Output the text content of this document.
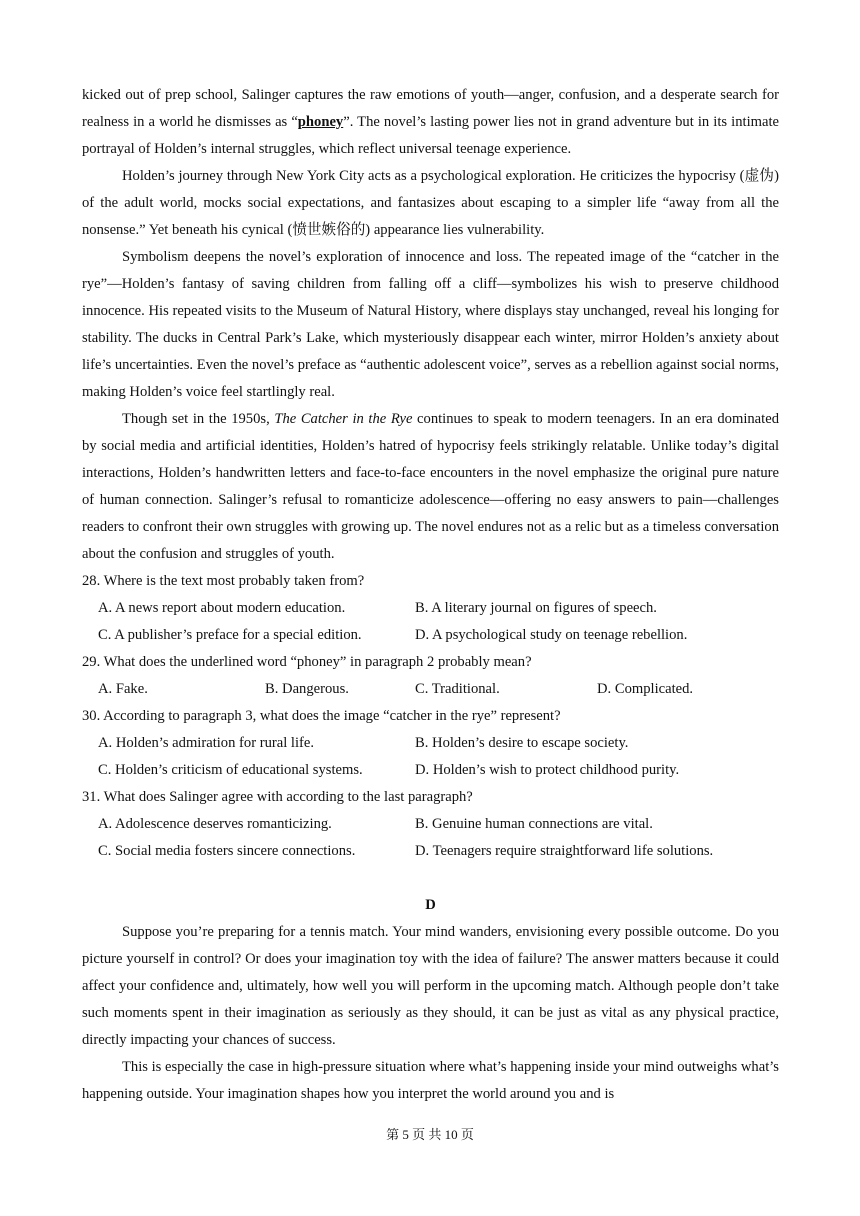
kicked out of prep school, Salinger captures the raw emotions of youth—anger, confusion, and a desperate search for realness in a world he dismisses as “phoney”. The novel’s lasting power lies not in grand adventure but in its intimate portrayal of Holden’s internal struggles, which reflect universal teenage experience.

Holden’s journey through New York City acts as a psychological exploration. He criticizes the hypocrisy (虚伪) of the adult world, mocks social expectations, and fantasizes about escaping to a simpler life “away from all the nonsense.” Yet beneath his cynical (愤世嫉俗的) appearance lies vulnerability.

Symbolism deepens the novel’s exploration of innocence and loss. The repeated image of the “catcher in the rye”—Holden’s fantasy of saving children from falling off a cliff—symbolizes his wish to preserve childhood innocence. His repeated visits to the Museum of Natural History, where displays stay unchanged, reveal his longing for stability. The ducks in Central Park’s Lake, which mysteriously disappear each winter, mirror Holden’s anxiety about life’s uncertainties. Even the novel’s preface as “authentic adolescent voice”, serves as a rebellion against social norms, making Holden’s voice feel startlingly real.

Though set in the 1950s, The Catcher in the Rye continues to speak to modern teenagers. In an era dominated by social media and artificial identities, Holden’s hatred of hypocrisy feels strikingly relatable. Unlike today’s digital interactions, Holden’s handwritten letters and face-to-face encounters in the novel emphasize the original pure nature of human connection. Salinger’s refusal to romanticize adolescence—offering no easy answers to pain—challenges readers to confront their own struggles with growing up. The novel endures not as a relic but as a timeless conversation about the confusion and struggles of youth.

28. Where is the text most probably taken from?

A. A news report about modern education.	B. A literary journal on figures of speech.
C. A publisher’s preface for a special edition.	D. A psychological study on teenage rebellion.

29. What does the underlined word “phoney” in paragraph 2 probably mean?

A. Fake.	B. Dangerous.	C. Traditional.	D. Complicated.

30. According to paragraph 3, what does the image “catcher in the rye” represent?

A. Holden’s admiration for rural life.	B. Holden’s desire to escape society.
C. Holden’s criticism of educational systems.	D. Holden’s wish to protect childhood purity.

31. What does Salinger agree with according to the last paragraph?

A. Adolescence deserves romanticizing.	B. Genuine human connections are vital.
C. Social media fosters sincere connections.	D. Teenagers require straightforward life solutions.

D

Suppose you’re preparing for a tennis match. Your mind wanders, envisioning every possible outcome. Do you picture yourself in control? Or does your imagination toy with the idea of failure? The answer matters because it could affect your confidence and, ultimately, how well you will perform in the upcoming match. Although people don’t take such moments spent in their imagination as seriously as they should, it can be just as vital as any physical practice, directly impacting your chances of success.

This is especially the case in high-pressure situation where what’s happening inside your mind outweighs what’s happening outside. Your imagination shapes how you interpret the world around you and is

第 5 页 共 10 页
